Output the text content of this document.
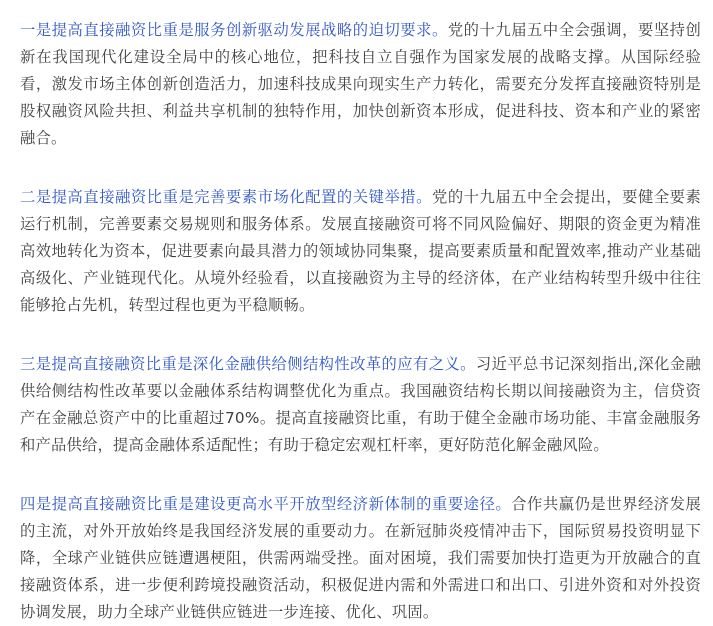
一是提高直接融资比重是服务创新驱动发展战略的迫切要求。党的十九届五中全会强调，要坚持创新在我国现代化建设全局中的核心地位，把科技自立自强作为国家发展的战略支撑。从国际经验看，激发市场主体创新创造活力，加速科技成果向现实生产力转化，需要充分发挥直接融资特别是股权融资风险共担、利益共享机制的独特作用，加快创新资本形成，促进科技、资本和产业的紧密融合。

二是提高直接融资比重是完善要素市场化配置的关键举措。党的十九届五中全会提出，要健全要素运行机制，完善要素交易规则和服务体系。发展直接融资可将不同风险偏好、期限的资金更为精准高效地转化为资本，促进要素向最具潜力的领域协同集聚，提高要素质量和配置效率,推动产业基础高级化、产业链现代化。从境外经验看，以直接融资为主导的经济体，在产业结构转型升级中往往能够抢占先机，转型过程也更为平稳顺畅。

三是提高直接融资比重是深化金融供给侧结构性改革的应有之义。习近平总书记深刻指出,深化金融供给侧结构性改革要以金融体系结构调整优化为重点。我国融资结构长期以间接融资为主，信贷资产在金融总资产中的比重超过70%。提高直接融资比重，有助于健全金融市场功能、丰富金融服务和产品供给，提高金融体系适配性；有助于稳定宏观杠杆率，更好防范化解金融风险。

四是提高直接融资比重是建设更高水平开放型经济新体制的重要途径。合作共赢仍是世界经济发展的主流，对外开放始终是我国经济发展的重要动力。在新冠肺炎疫情冲击下，国际贸易投资明显下降，全球产业链供应链遭遇梗阻，供需两端受挫。面对困境，我们需要加快打造更为开放融合的直接融资体系，进一步便利跨境投融资活动，积极促进内需和外需进口和出口、引进外资和对外投资协调发展，助力全球产业链供应链进一步连接、优化、巩固。
